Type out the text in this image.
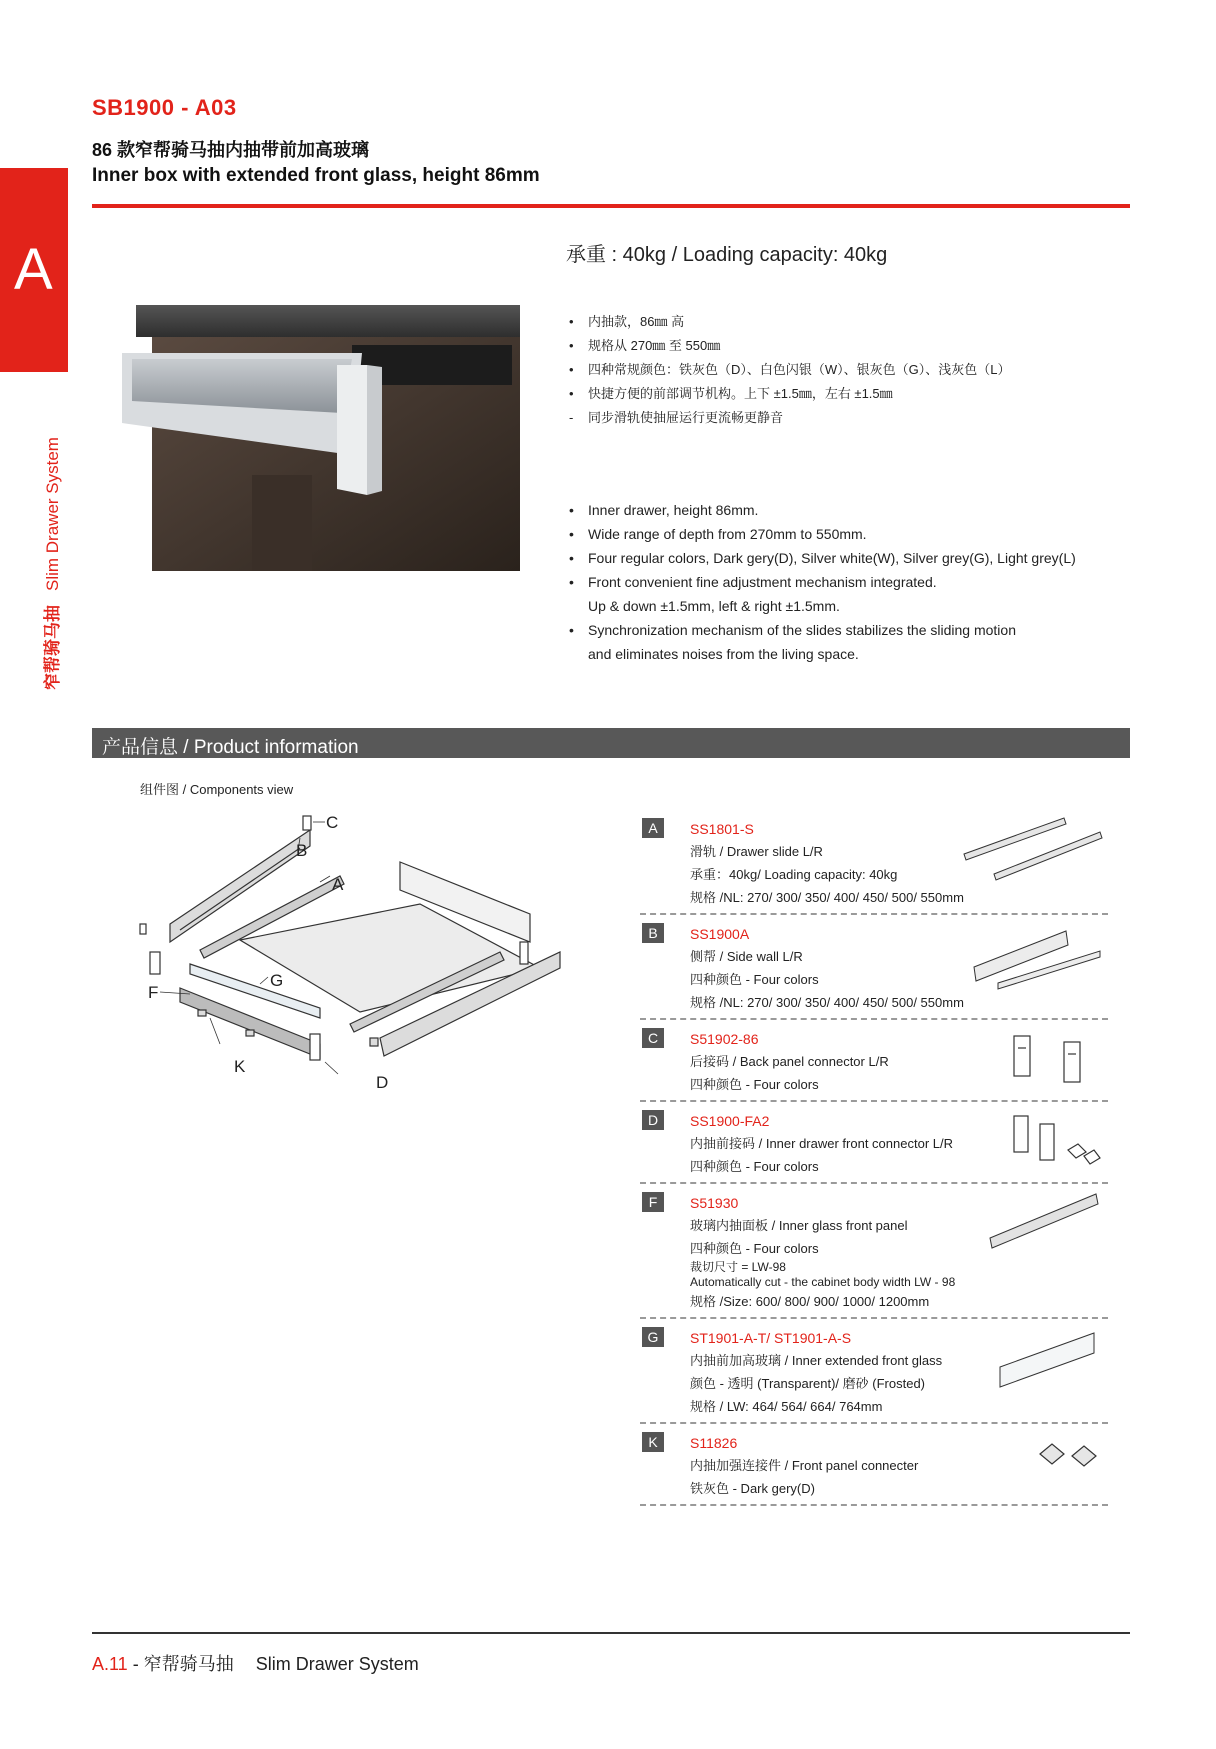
SB1900 - A03
86 款窄帮骑马抽内抽带前加高玻璃
Inner box with extended front glass, height 86mm
A
窄帮骑马抽Slim Drawer System
承重 : 40kg / Loading capacity: 40kg
• 内抽款，86㎜ 高
• 规格从 270㎜ 至 550㎜
• 四种常规颜色：铁灰色（D）、白色闪银（W）、银灰色（G）、浅灰色（L）
• 快捷方便的前部调节机构。上下 ±1.5㎜，左右 ±1.5㎜
- 同步滑轨使抽屉运行更流畅更静音
• Inner drawer, height 86mm.
• Wide range of depth from 270mm to 550mm.
• Four regular colors, Dark gery(D), Silver white(W), Silver grey(G), Light grey(L)
• Front convenient fine adjustment mechanism integrated.
Up & down ±1.5mm, left & right ±1.5mm.
• Synchronization mechanism of the slides stabilizes the sliding motion
and eliminates noises from the living space.
产品信息 / Product information
组件图 / Components view
C
B
A
G
F
K
D
A	SS1801-S
滑轨 / Drawer slide L/R
承重：40kg/ Loading capacity: 40kg
规格 /NL: 270/ 300/ 350/ 400/ 450/ 500/ 550mm
B	SS1900A
侧帮 / Side wall L/R
四种颜色 - Four colors
规格 /NL: 270/ 300/ 350/ 400/ 450/ 500/ 550mm
C	S51902-86
后接码 / Back panel connector L/R
四种颜色 - Four colors
D	SS1900-FA2
内抽前接码 / Inner drawer front connector L/R
四种颜色 - Four colors
F	S51930
玻璃内抽面板 / Inner glass front panel
四种颜色 - Four colors
裁切尺寸 = LW-98
Automatically cut - the cabinet body width LW - 98
规格 /Size: 600/ 800/ 900/ 1000/ 1200mm
G	ST1901-A-T/ ST1901-A-S
内抽前加高玻璃 / Inner extended front glass
颜色 - 透明 (Transparent)/ 磨砂 (Frosted)
规格 / LW: 464/ 564/ 664/ 764mm
K	S11826
内抽加强连接件 / Front panel connecter
铁灰色 - Dark gery(D)
A.11 - 窄帮骑马抽 Slim Drawer System
